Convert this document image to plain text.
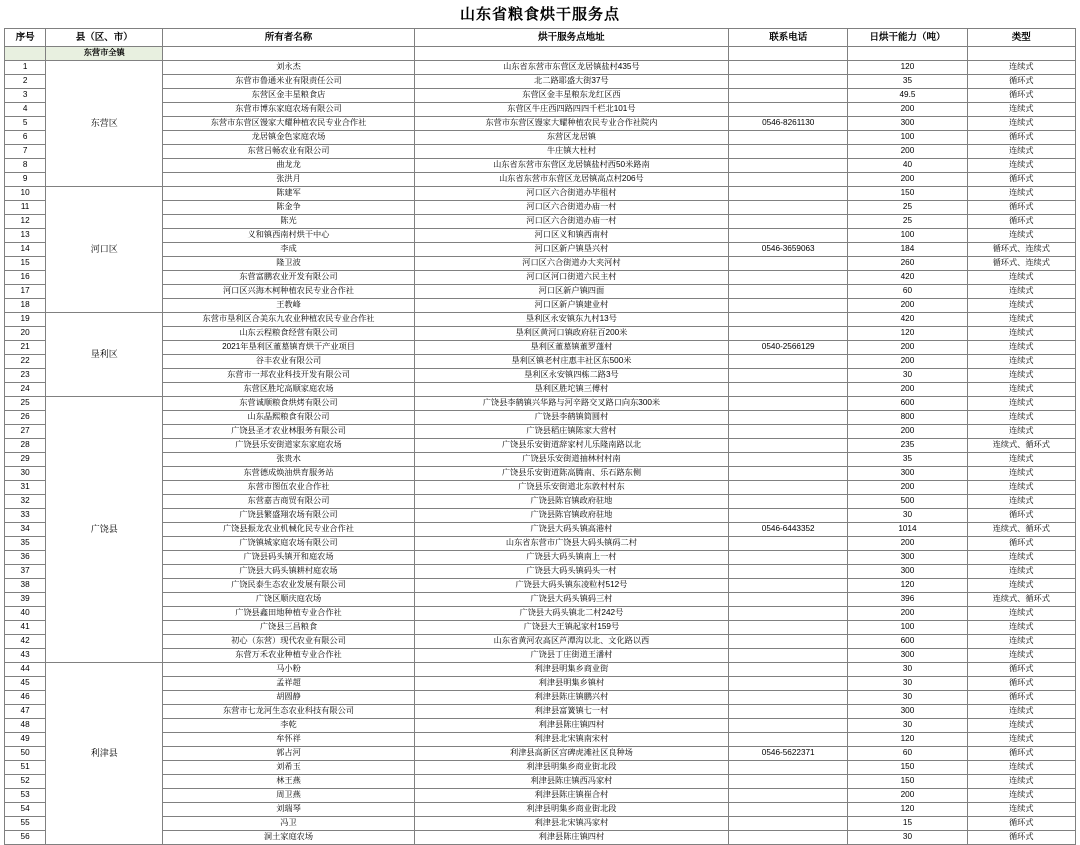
山东省粮食烘干服务点
序号	县（区、市）	所有者名称	烘干服务点地址	联系电话	日烘干能力（吨）	类型
	东营市全镇					
1	东营区	刘永杰	山东省东营市东营区龙居镇盐村435号		120	连续式
2		东营市鲁通米业有限责任公司	北二路耶盛大街37号		35	循环式
3		东营区金丰星粮食店	东营区金丰星粮东龙红区西		49.5	循环式
4		东营市博东家庭农场有限公司	东营区牛庄西四路四四千栏北101号		200	连续式
5		东营市东营区馒家大耀种植农民专业合作社	东营市东营区馒家大耀种植农民专业合作社院内	0546-8261130	300	连续式
6		龙居镇金色家庭农场	东营区龙居镇		100	循环式
7		东营吕畅农业有限公司	牛庄镇大杜村		200	连续式
8		曲龙龙	山东省东营市东营区龙居镇盐村西50米路南		40	连续式
9		张洪月	山东省东营市东营区龙居镇高点村206号		200	循环式
10	河口区	陈建军	河口区六合街道办毕租村		150	连续式
11		陈金争	河口区六合街道办庙一村		25	循环式
12		陈光	河口区六合街道办庙一村		25	循环式
13		义和镇西南村烘干中心	河口区义和镇西南村		100	连续式
14		李成	河口区新户镇垦兴村	0546-3659063	184	循环式、连续式
15		隆卫波	河口区六合街道办大夹河村		260	循环式、连续式
16		东营富鹏农业开发有限公司	河口区河口街道六民主村		420	连续式
17		河口区兴海木柯种植农民专业合作社	河口区新户镇四面		60	连续式
18		王教峰	河口区新户镇建业村		200	连续式
19	垦利区	东营市垦利区合美东九农业种植农民专业合作社	垦利区永安镇东九村13号		420	连续式
20		山东云程粮食经营有限公司	垦利区黄河口镇政府驻百200米		120	连续式
21		2021年垦利区董墓镇育烘干产业项目	垦利区董墓镇董罗蓬村	0540-2566129	200	连续式
22		谷丰农业有限公司	垦利区镇老村庄惠丰社区东500米		200	连续式
23		东营市一邦农业科技开发有限公司	垦利区永安镇四栋二路3号		30	连续式
24		东营区胜坨高顺家庭农场	垦利区胜坨镇三傅村		200	连续式
25	广饶县	东营诚顺粮食烘烤有限公司	广饶县李鹤镇兴华路与河辛路交叉路口向东300米		600	连续式
26		山东晶熙粮食有限公司	广饶县李鹤镇简圆村		800	连续式
27		广饶县圣才农业林服务有限公司	广饶县稻庄镇陈家大营村		200	连续式
28		广饶县乐安街道家东家庭农场	广饶县乐安街道辞家村儿乐隆南路以北		235	连续式、循环式
29		张贵水	广饶县乐安街道抽林村村南		35	连续式
30		东营德成焕油烘育服务站	广饶县乐安街道陈高腾南、乐石路东侧		300	连续式
31		东营市图伍农业合作社	广饶县乐安街道北东敦村村东		200	连续式
32		东营嘉吉商贸有限公司	广饶县陈官镇政府驻地		500	连续式
33		广饶县繁盛翔农场有限公司	广饶县陈官镇政府驻地		30	循环式
34		广饶县振龙农业机械化民专业合作社	广饶县大码头镇高港村	0546-6443352	1014	连续式、循环式
35		广饶镇城家庭农场有限公司	山东省东营市广饶县大码头镇码二村		200	循环式
36		广饶县码头镇开和庭农场	广饶县大码头镇南上一村		300	连续式
37		广饶县大码头镇耕村庭农场	广饶县大码头镇码头一村		300	连续式
38		广饶民泰生态农业发展有限公司	广饶县大码头镇东凌粒村512号		120	连续式
39		广饶区顺庆庭农场	广饶县大码头镇码三村		396	连续式、循环式
40		广饶县鑫田地种植专业合作社	广饶县大码头镇北二村242号		200	连续式
41		广饶县三昌粮食	广饶县大王镇起家村159号		100	连续式
42		初心（东营）现代农业有限公司	山东省黄河农高区芦潭沟以北、文化路以西		600	连续式
43		东营万禾农业种植专业合作社	广饶县丁庄街道王潘村		300	连续式
44	利津县	马小粉	利津县明集乡商业街		30	循环式
45		孟祥超	利津县明集乡镇村		30	循环式
46		胡圆静	利津县陈庄镇鹏兴村		30	循环式
47		东营市七龙河生态农业科技有限公司	利津县富簧镇七一村		300	连续式
48		李乾	利津县陈庄镇四村		30	连续式
49		牟怀祥	利津县北宋镇南宋村		120	连续式
50		郭占河	利津县高新区宫碑虎滩社区良种场	0546-5622371	60	循环式
51		刘希玉	利津县明集乡商业街北段		150	连续式
52		林王燕	利津县陈庄镇西冯家村		150	连续式
53		周卫燕	利津县陈庄镇崔合村		200	连续式
54		刘瑞琴	利津县明集乡商业街北段		120	连续式
55		冯卫	利津县北宋镇冯家村		15	循环式
56		洞土家庭农场	利津县陈庄镇四村		30	循环式
